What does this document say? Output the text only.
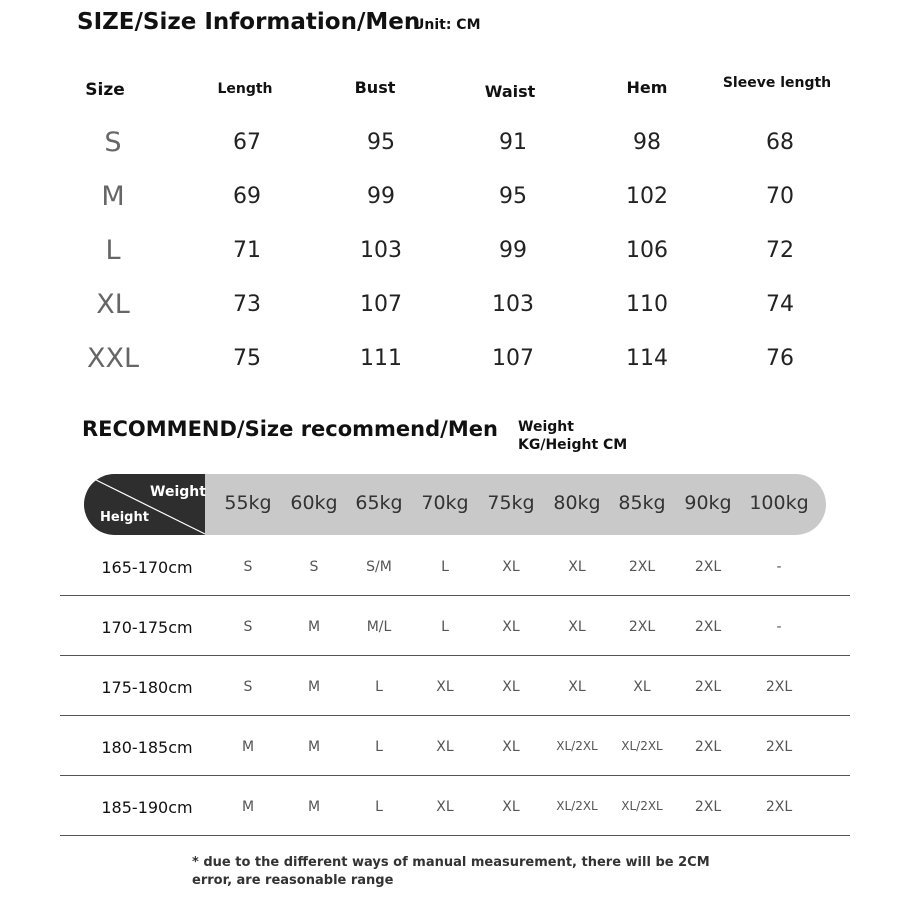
SIZE/Size Information/Men
Unit: CM
Size	Length	Bust	Waist	Hem	Sleeve length
S	67	95	91	98	68
M	69	99	95	102	70
L	71	103	99	106	72
XL	73	107	103	110	74
XXL	75	111	107	114	76
RECOMMEND/Size recommend/Men Weight KG/Height CM
Weight
Height
55kg 60kg 65kg 70kg 75kg 80kg 85kg 90kg 100kg
165-170cm	S	S	S/M	L	XL	XL	2XL	2XL	-
170-175cm	S	M	M/L	L	XL	XL	2XL	2XL	-
175-180cm	S	M	L	XL	XL	XL	XL	2XL	2XL
180-185cm	M	M	L	XL	XL	XL/2XL	XL/2XL	2XL	2XL
185-190cm	M	M	L	XL	XL	XL/2XL	XL/2XL	2XL	2XL
* due to the different ways of manual measurement, there will be 2CM error, are reasonable range
